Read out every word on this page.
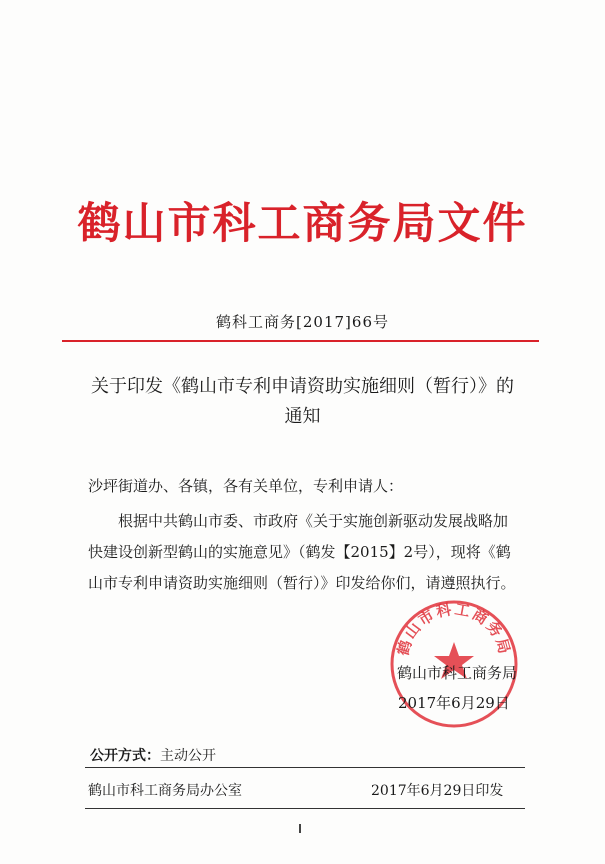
鹤山市科工商务局文件
鹤科工商务[2017]66号
关于印发《鹤山市专利申请资助实施细则（暂行）》的
通知
沙坪街道办、各镇，各有关单位，专利申请人：
根据中共鹤山市委、市政府《关于实施创新驱动发展战略加
快建设创新型鹤山的实施意见》（鹤发【2015】2号），现将《鹤
山市专利申请资助实施细则（暂行）》印发给你们，请遵照执行。
鹤山市科工商务局
鹤山市科工商务局
2017年6月29日
公开方式：主动公开
鹤山市科工商务局办公室	2017年6月29日印发
